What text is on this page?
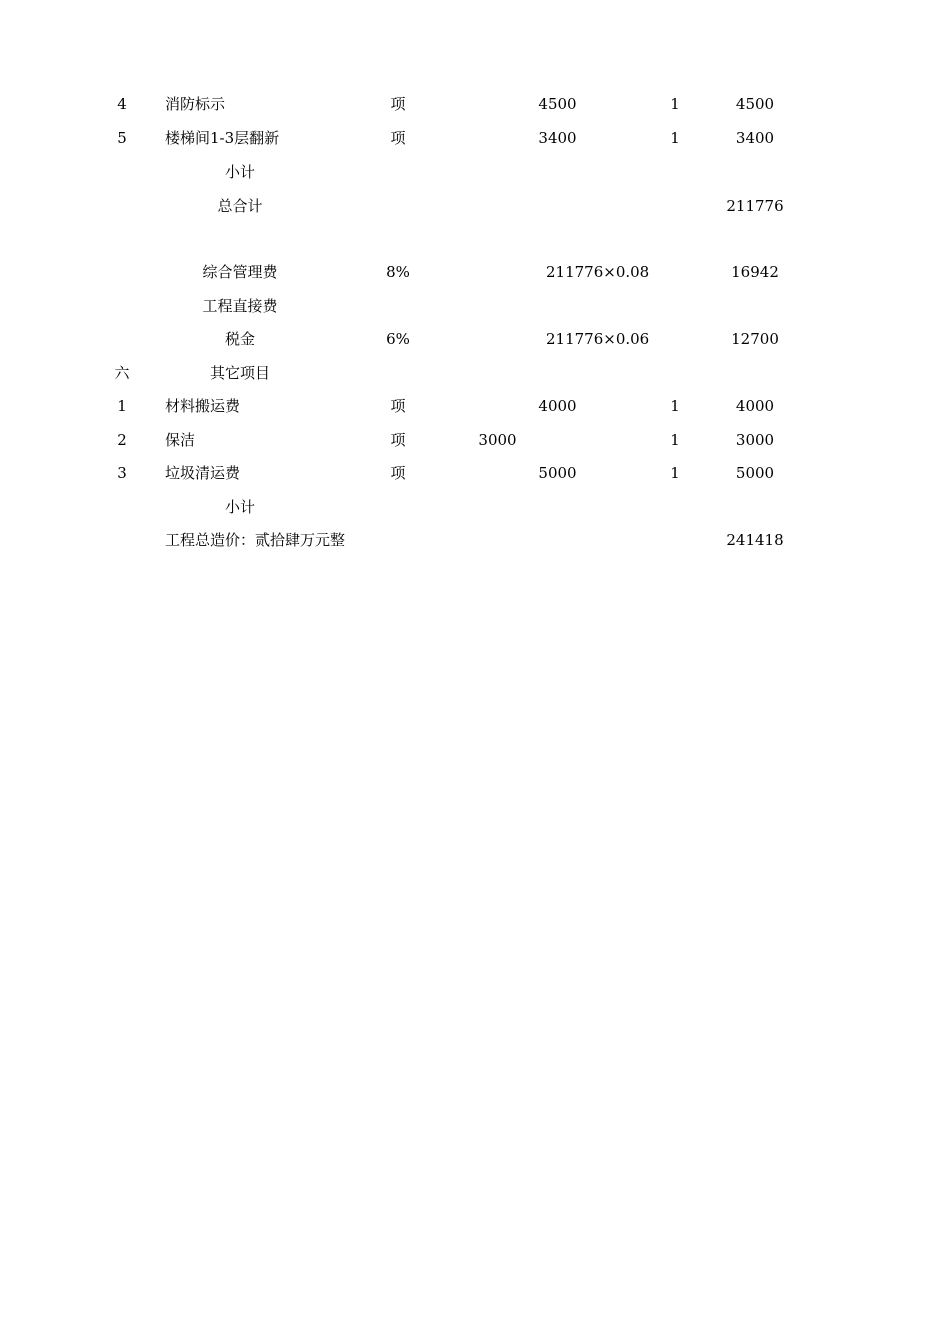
4	消防标示	项	4500	1	4500
5	楼梯间1-3层翻新	项	3400	1	3400
小计
总合计	211776
综合管理费	8%	211776×0.08	16942
工程直接费
税金	6%	211776×0.06	12700
六	其它项目
1	材料搬运费	项	4000	1	4000
2	保洁	项	3000	1	3000
3	垃圾清运费	项	5000	1	5000
小计
工程总造价：贰拾肆万元整	241418
